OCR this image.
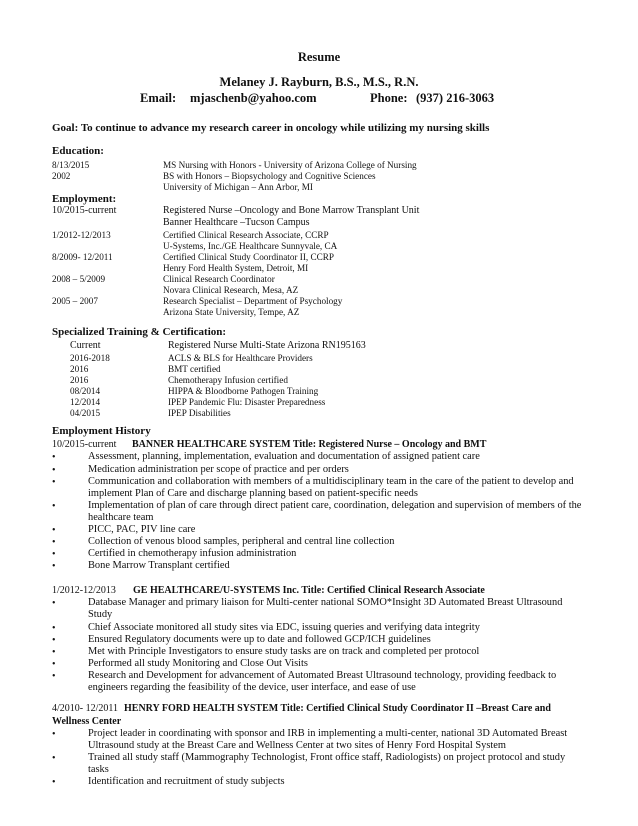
Resume
Melaney J. Rayburn, B.S., M.S., R.N.
Email: mjaschenb@yahoo.com	Phone: (937) 216-3063
Goal: To continue to advance my research career in oncology while utilizing my nursing skills
Education:
8/13/2015	MS Nursing with Honors - University of Arizona College of Nursing
2002	BS with Honors – Biopsychology and Cognitive Sciences
University of Michigan – Ann Arbor, MI
Employment:
10/2015-current	Registered Nurse –Oncology and Bone Marrow Transplant Unit
Banner Healthcare –Tucson Campus
1/2012-12/2013	Certified Clinical Research Associate, CCRP
U-Systems, Inc./GE Healthcare Sunnyvale, CA
8/2009- 12/2011	Certified Clinical Study Coordinator II, CCRP
Henry Ford Health System, Detroit, MI
2008 – 5/2009	Clinical Research Coordinator
Novara Clinical Research, Mesa, AZ
2005 – 2007	Research Specialist – Department of Psychology
Arizona State University, Tempe, AZ
Specialized Training & Certification:
Current	Registered Nurse Multi-State Arizona RN195163
2016-2018	ACLS & BLS for Healthcare Providers
2016	BMT certified
2016	Chemotherapy Infusion certified
08/2014	HIPPA & Bloodborne Pathogen Training
12/2014	IPEP Pandemic Flu: Disaster Preparedness
04/2015	IPEP Disabilities
Employment History
10/2015-current BANNER HEALTHCARE SYSTEM Title: Registered Nurse – Oncology and BMT
•	Assessment, planning, implementation, evaluation and documentation of assigned patient care
•	Medication administration per scope of practice and per orders
•	Communication and collaboration with members of a multidisciplinary team in the care of the patient to develop and implement Plan of Care and discharge planning based on patient-specific needs
•	Implementation of plan of care through direct patient care, coordination, delegation and supervision of members of the healthcare team
•	PICC, PAC, PIV line care
•	Collection of venous blood samples, peripheral and central line collection
•	Certified in chemotherapy infusion administration
•	Bone Marrow Transplant certified
1/2012-12/2013 GE HEALTHCARE/U-SYSTEMS Inc. Title: Certified Clinical Research Associate
•	Database Manager and primary liaison for Multi-center national SOMO*Insight 3D Automated Breast Ultrasound Study
•	Chief Associate monitored all study sites via EDC, issuing queries and verifying data integrity
•	Ensured Regulatory documents were up to date and followed GCP/ICH guidelines
•	Met with Principle Investigators to ensure study tasks are on track and completed per protocol
•	Performed all study Monitoring and Close Out Visits
•	Research and Development for advancement of Automated Breast Ultrasound technology, providing feedback to engineers regarding the feasibility of the device, user interface, and ease of use
4/2010- 12/2011 HENRY FORD HEALTH SYSTEM Title: Certified Clinical Study Coordinator II –Breast Care and Wellness Center
•	Project leader in coordinating with sponsor and IRB in implementing a multi-center, national 3D Automated Breast Ultrasound study at the Breast Care and Wellness Center at two sites of Henry Ford Hospital System
•	Trained all study staff (Mammography Technologist, Front office staff, Radiologists) on project protocol and study tasks
•	Identification and recruitment of study subjects
